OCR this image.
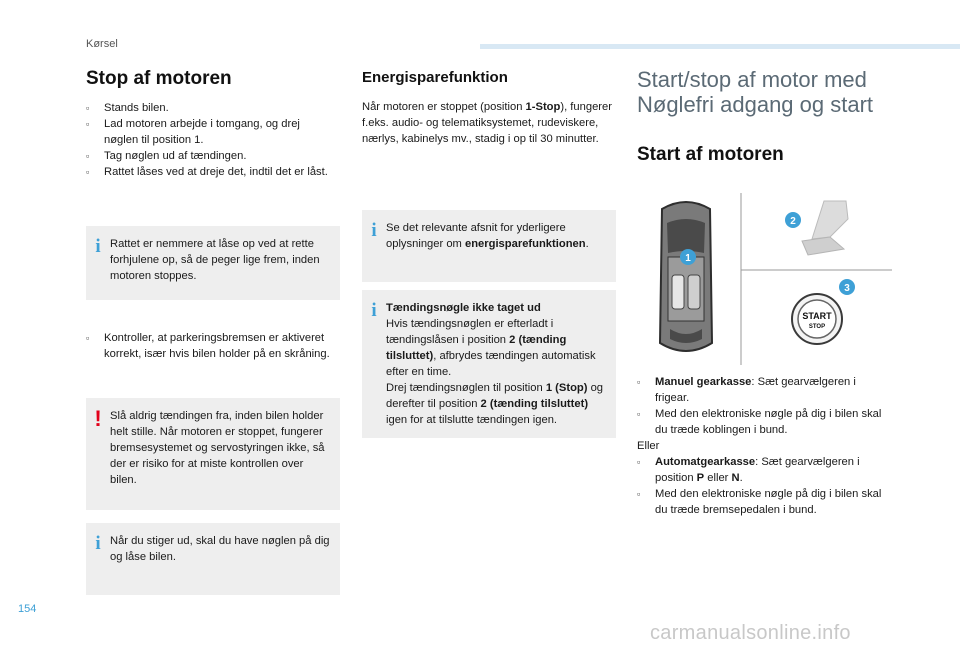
Kørsel
Stop af motoren
▫ Stands bilen.
▫ Lad motoren arbejde i tomgang, og drej nøglen til position 1.
▫ Tag nøglen ud af tændingen.
▫ Rattet låses ved at dreje det, indtil det er låst.
i Rattet er nemmere at låse op ved at rette forhjulene op, så de peger lige frem, inden motoren stoppes.
▫ Kontroller, at parkeringsbremsen er aktiveret korrekt, især hvis bilen holder på en skråning.
! Slå aldrig tændingen fra, inden bilen holder helt stille. Når motoren er stoppet, fungerer bremsesystemet og servostyringen ikke, så der er risiko for at miste kontrollen over bilen.
i Når du stiger ud, skal du have nøglen på dig og låse bilen.
Energisparefunktion
Når motoren er stoppet (position 1-Stop), fungerer f.eks. audio- og telematiksystemet, rudeviskere, nærlys, kabinelys mv., stadig i op til 30 minutter.
i Se det relevante afsnit for yderligere oplysninger om energisparefunktionen.
i Tændingsnøgle ikke taget ud
Hvis tændingsnøglen er efterladt i tændingslåsen i position 2 (tænding tilsluttet), afbrydes tændingen automatisk efter en time.
Drej tændingsnøglen til position 1 (Stop) og derefter til position 2 (tænding tilsluttet) igen for at tilslutte tændingen igen.
Start/stop af motor med
Nøglefri adgang og start
Start af motoren
1
2
START
STOP
3
▫ Manuel gearkasse: Sæt gearvælgeren i frigear.
▫ Med den elektroniske nøgle på dig i bilen skal du træde koblingen i bund.
Eller
▫ Automatgearkasse: Sæt gearvælgeren i position P eller N.
▫ Med den elektroniske nøgle på dig i bilen skal du træde bremsepedalen i bund.
154
carmanualsonline.info
